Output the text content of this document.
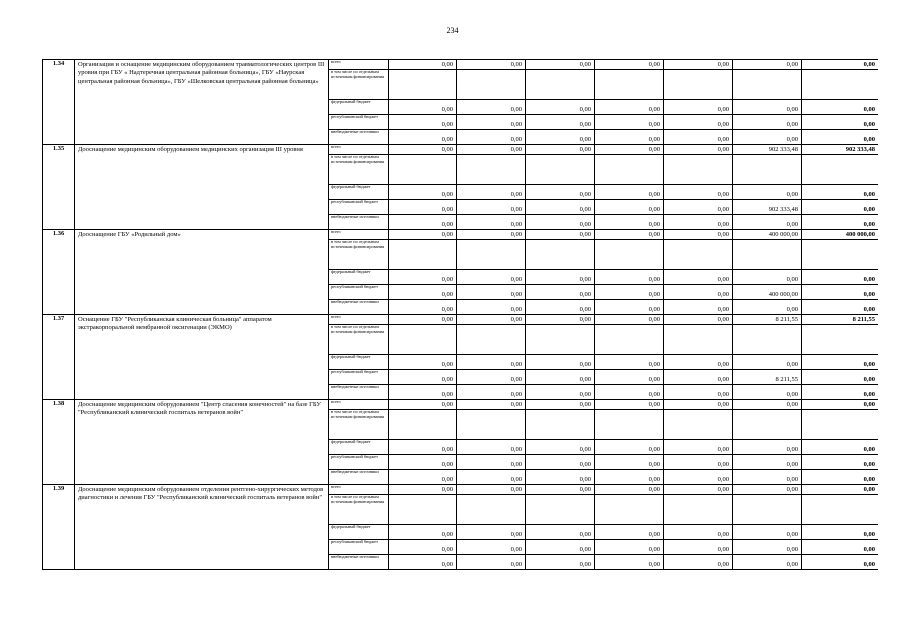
234
1.34	Организация и оснащение медицинским оборудованием травматологических центров III уровня при ГБУ « Надтеречная центральная районная больница», ГБУ «Наурская центральная районная больница», ГБУ «Шелковская центральная районная больница»	всего	0,00	0,00	0,00	0,00	0,00	0,00	0,00
		в том числе по отдельным источникам финансирования							
		федеральный бюджет	0,00	0,00	0,00	0,00	0,00	0,00	0,00
		республиканский бюджет	0,00	0,00	0,00	0,00	0,00	0,00	0,00
		внебюджетные источники	0,00	0,00	0,00	0,00	0,00	0,00	0,00
1.35	Дооснащение медицинским оборудованием медицинских организация III уровня	всего	0,00	0,00	0,00	0,00	0,00	902 333,48	902 333,48
		в том числе по отдельным источникам финансирования							
		федеральный бюджет	0,00	0,00	0,00	0,00	0,00	0,00	0,00
		республиканский бюджет	0,00	0,00	0,00	0,00	0,00	902 333,48	0,00
		внебюджетные источники	0,00	0,00	0,00	0,00	0,00	0,00	0,00
1.36	Дооснащение ГБУ «Родильный дом»	всего	0,00	0,00	0,00	0,00	0,00	400 000,00	400 000,00
		в том числе по отдельным источникам финансирования							
		федеральный бюджет	0,00	0,00	0,00	0,00	0,00	0,00	0,00
		республиканский бюджет	0,00	0,00	0,00	0,00	0,00	400 000,00	0,00
		внебюджетные источники	0,00	0,00	0,00	0,00	0,00	0,00	0,00
1.37	Оснащение ГБУ "Республиканская клиническая больница" аппаратом экстракорпоральной мембранной оксигенации (ЭКМО)	всего	0,00	0,00	0,00	0,00	0,00	8 211,55	8 211,55
		в том числе по отдельным источникам финансирования							
		федеральный бюджет	0,00	0,00	0,00	0,00	0,00	0,00	0,00
		республиканский бюджет	0,00	0,00	0,00	0,00	0,00	8 211,55	0,00
		внебюджетные источники	0,00	0,00	0,00	0,00	0,00	0,00	0,00
1.38	Дооснащение медицинским оборудованием "Центр спасения конечностей" на базе ГБУ "Республиканский клинический госпиталь ветеранов войн"	всего	0,00	0,00	0,00	0,00	0,00	0,00	0,00
		в том числе по отдельным источникам финансирования							
		федеральный бюджет	0,00	0,00	0,00	0,00	0,00	0,00	0,00
		республиканский бюджет	0,00	0,00	0,00	0,00	0,00	0,00	0,00
		внебюджетные источники	0,00	0,00	0,00	0,00	0,00	0,00	0,00
1.39	Дооснащение медицинским оборудованием отделения рентгено-хирургических методов диагностики и лечения ГБУ "Республиканский клинический госпиталь ветеранов войн"	всего	0,00	0,00	0,00	0,00	0,00	0,00	0,00
		в том числе по отдельным источникам финансирования							
		федеральный бюджет	0,00	0,00	0,00	0,00	0,00	0,00	0,00
		республиканский бюджет	0,00	0,00	0,00	0,00	0,00	0,00	0,00
		внебюджетные источники	0,00	0,00	0,00	0,00	0,00	0,00	0,00
